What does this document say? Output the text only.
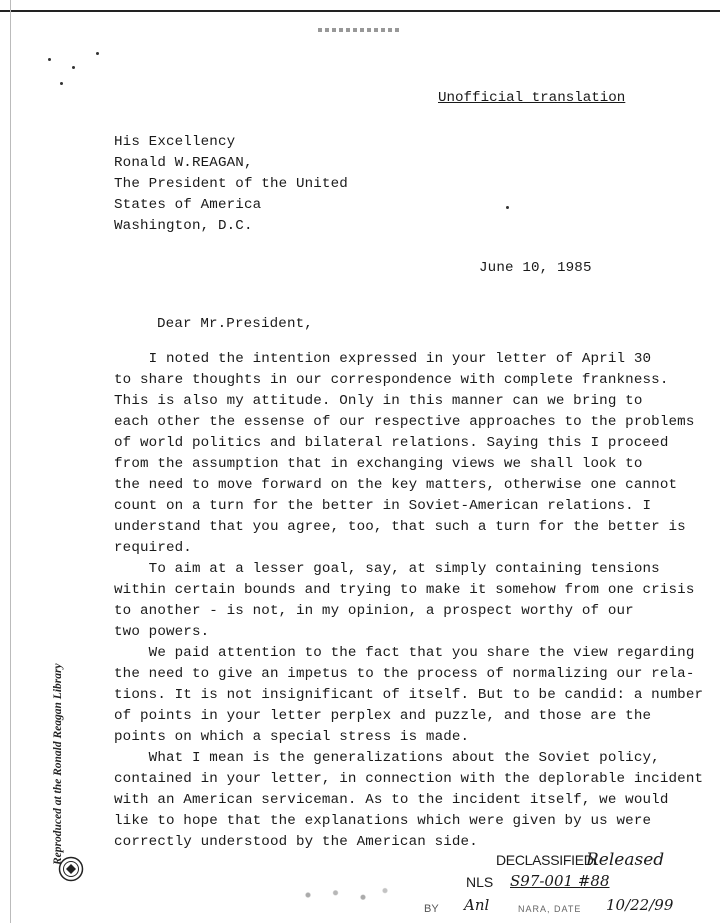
Unofficial translation
His Excellency
Ronald W.REAGAN,
The President of the United
States of America
Washington, D.C.
June 10, 1985
Dear Mr.President,
I noted the intention expressed in your letter of April 30
to share thoughts in our correspondence with complete frankness.
This is also my attitude. Only in this manner can we bring to
each other the essense of our respective approaches to the problems
of world politics and bilateral relations. Saying this I proceed
from the assumption that in exchanging views we shall look to
the need to move forward on the key matters, otherwise one cannot
count on a turn for the better in Soviet-American relations. I
understand that you agree, too, that such a turn for the better is
required.
To aim at a lesser goal, say, at simply containing tensions
within certain bounds and trying to make it somehow from one crisis
to another - is not, in my opinion, a prospect worthy of our
two powers.
We paid attention to the fact that you share the view regarding
the need to give an impetus to the process of normalizing our rela-
tions. It is not insignificant of itself. But to be candid: a number
of points in your letter perplex and puzzle, and those are the
points on which a special stress is made.
What I mean is the generalizations about the Soviet policy,
contained in your letter, in connection with the deplorable incident
with an American serviceman. As to the incident itself, we would
like to hope that the explanations which were given by us were
correctly understood by the American side.
Reproduced at the Ronald Reagan Library	DECLASSIFIED/
Released
NLS S97-001 #88
BY Anl	NARA, DATE 10/22/99
